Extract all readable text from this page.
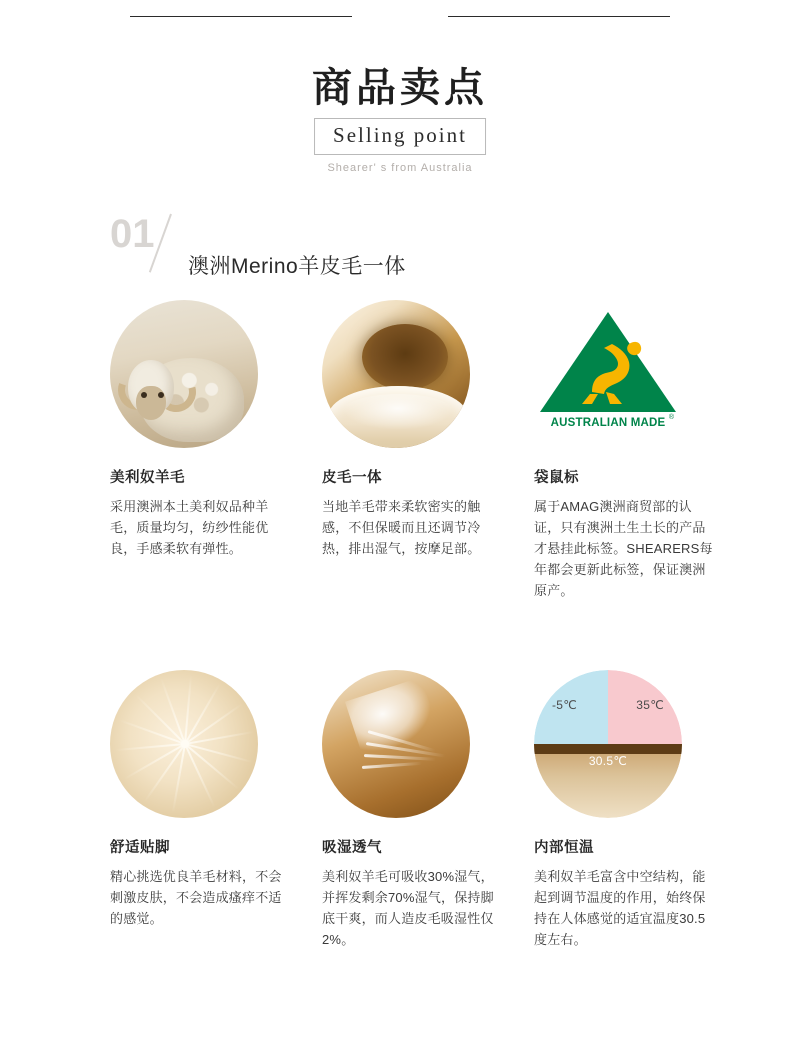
商品卖点
Selling point
Shearer' s from Australia
01
澳洲Merino羊皮毛一体
美利奴羊毛
采用澳洲本土美利奴品种羊毛，质量均匀，纺纱性能优良，手感柔软有弹性。
皮毛一体
当地羊毛带来柔软密实的触感，不但保暖而且还调节冷热，排出湿气，按摩足部。
AUSTRALIAN MADE ®
袋鼠标
属于AMAG澳洲商贸部的认证，只有澳洲土生土长的产品才悬挂此标签。SHEARERS每年都会更新此标签，保证澳洲原产。
舒适贴脚
精心挑选优良羊毛材料，不会刺激皮肤，不会造成瘙痒不适的感觉。
吸湿透气
美利奴羊毛可吸收30%湿气，并挥发剩余70%湿气，保持脚底干爽，而人造皮毛吸湿性仅2%。
-5℃	35℃
30.5℃
内部恒温
美利奴羊毛富含中空结构，能起到调节温度的作用，始终保持在人体感觉的适宜温度30.5度左右。
